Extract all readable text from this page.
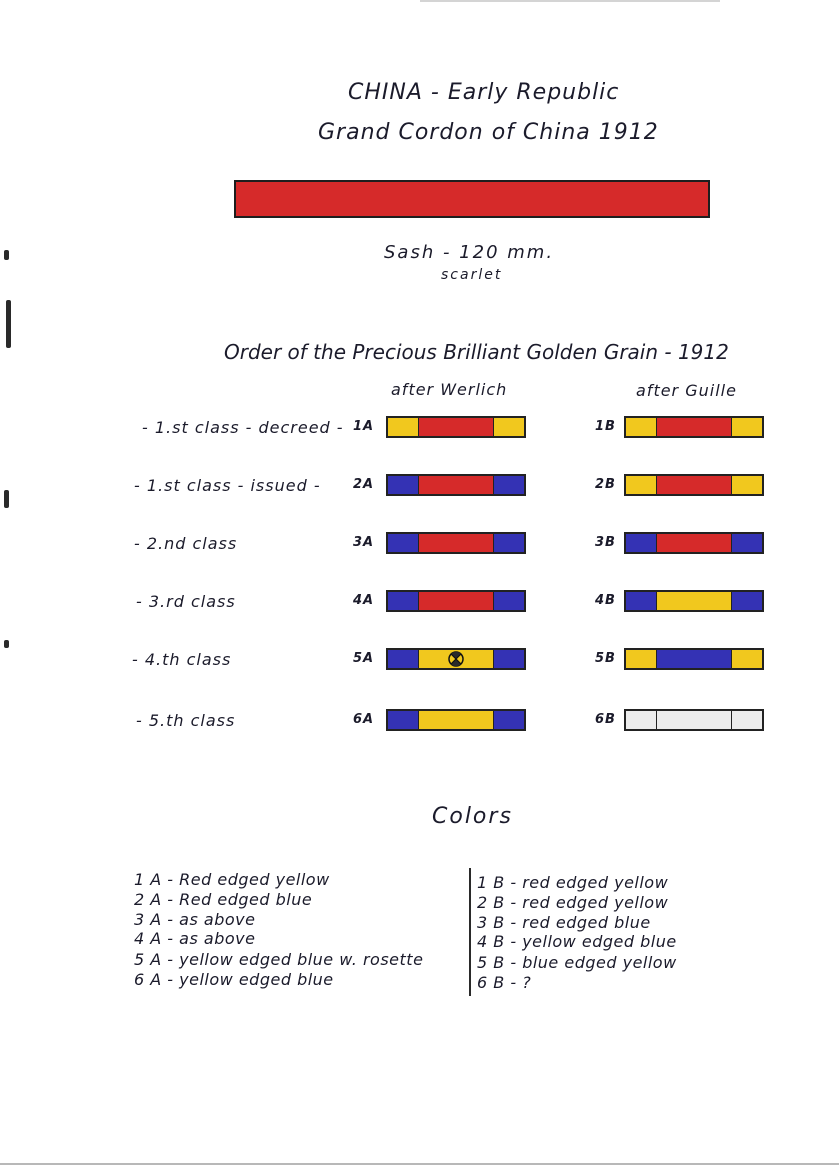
CHINA - Early Republic
Grand Cordon of China 1912
Sash - 120 mm.
scarlet
Order of the Precious Brilliant Golden Grain - 1912
after Werlich	after Guille
- 1.st class - decreed - 1A	1B
- 1.st class - issued - 2A	2B
- 2.nd class	3A	3B
- 3.rd class	4A	4B
- 4.th class	5A	5B
- 5.th class	6A	6B
Colors
1 A - Red edged yellow
2 A - Red edged blue
3 A - as above
4 A - as above
5 A - yellow edged blue w. rosette
6 A - yellow edged blue
1 B - red edged yellow
2 B - red edged yellow
3 B - red edged blue
4 B - yellow edged blue
5 B - blue edged yellow
6 B - ?
